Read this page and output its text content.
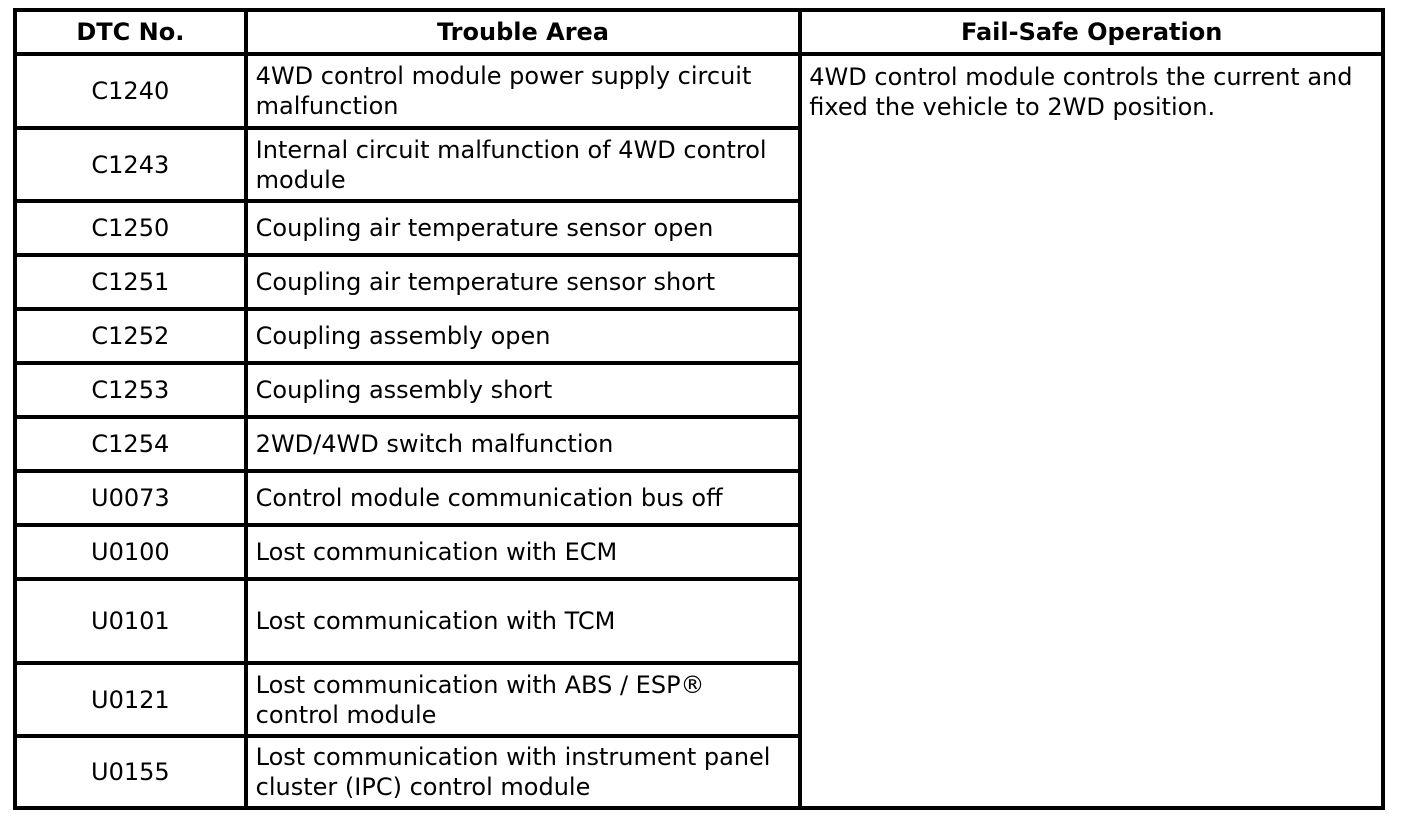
DTC No.	Trouble Area	Fail-Safe Operation
C1240	4WD control module power supply circuit malfunction	4WD control module controls the current and fixed the vehicle to 2WD position.
C1243	Internal circuit malfunction of 4WD control module	
C1250	Coupling air temperature sensor open	
C1251	Coupling air temperature sensor short	
C1252	Coupling assembly open	
C1253	Coupling assembly short	
C1254	2WD/4WD switch malfunction	
U0073	Control module communication bus off	
U0100	Lost communication with ECM	
U0101	Lost communication with TCM	
U0121	Lost communication with ABS / ESP® control module	
U0155	Lost communication with instrument panel cluster (IPC) control module	
